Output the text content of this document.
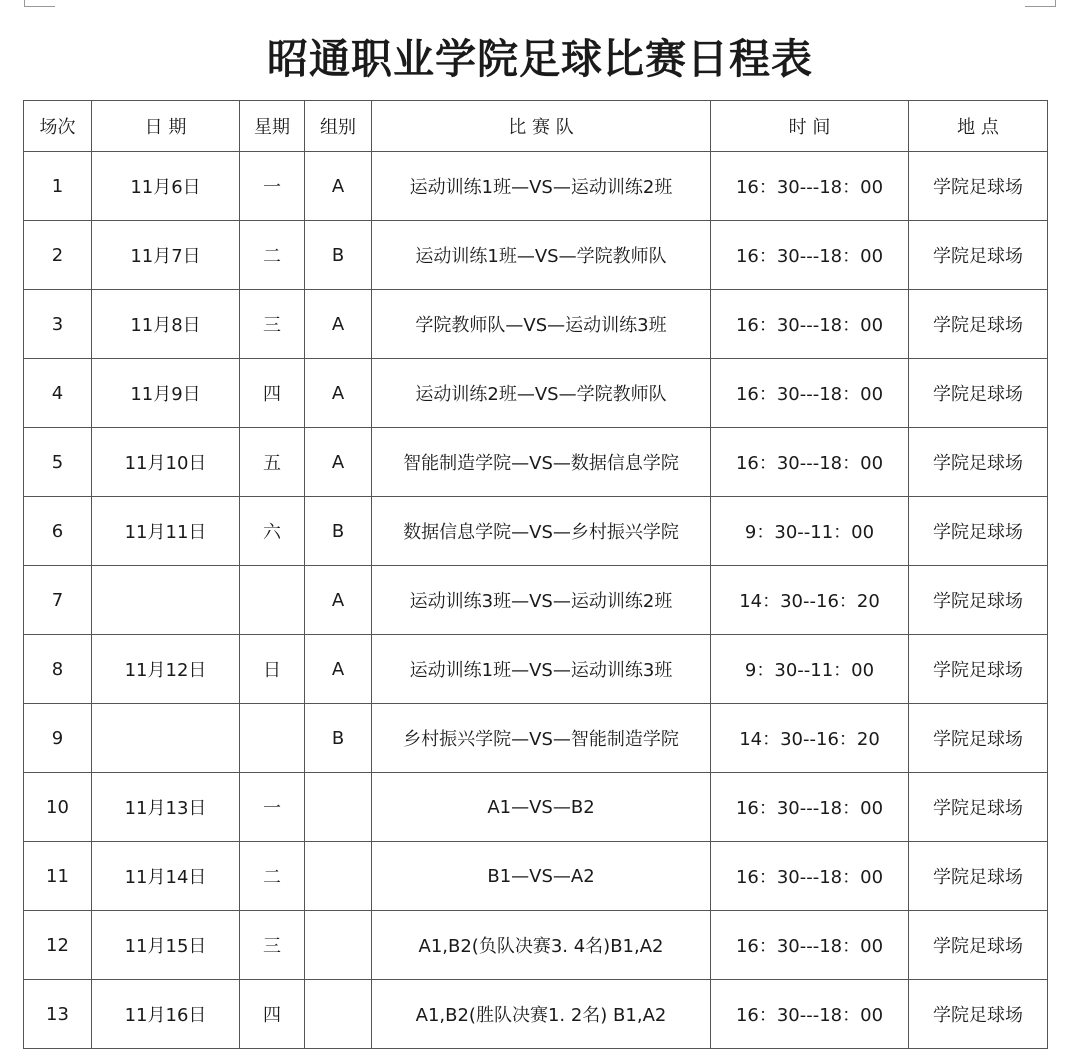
昭通职业学院足球比赛日程表
场次	日 期	星期	组别	比 赛 队	时 间	地 点
1	11月6日	一	A	运动训练1班—VS—运动训练2班	16：30---18：00	学院足球场
2	11月7日	二	B	运动训练1班—VS—学院教师队	16：30---18：00	学院足球场
3	11月8日	三	A	学院教师队—VS—运动训练3班	16：30---18：00	学院足球场
4	11月9日	四	A	运动训练2班—VS—学院教师队	16：30---18：00	学院足球场
5	11月10日	五	A	智能制造学院—VS—数据信息学院	16：30---18：00	学院足球场
6	11月11日	六	B	数据信息学院—VS—乡村振兴学院	9：30--11：00	学院足球场
7			A	运动训练3班—VS—运动训练2班	14：30--16：20	学院足球场
8	11月12日	日	A	运动训练1班—VS—运动训练3班	9：30--11：00	学院足球场
9			B	乡村振兴学院—VS—智能制造学院	14：30--16：20	学院足球场
10	11月13日	一		A1—VS—B2	16：30---18：00	学院足球场
11	11月14日	二		B1—VS—A2	16：30---18：00	学院足球场
12	11月15日	三		A1,B2(负队决赛3. 4名)B1,A2	16：30---18：00	学院足球场
13	11月16日	四		A1,B2(胜队决赛1. 2名) B1,A2	16：30---18：00	学院足球场
